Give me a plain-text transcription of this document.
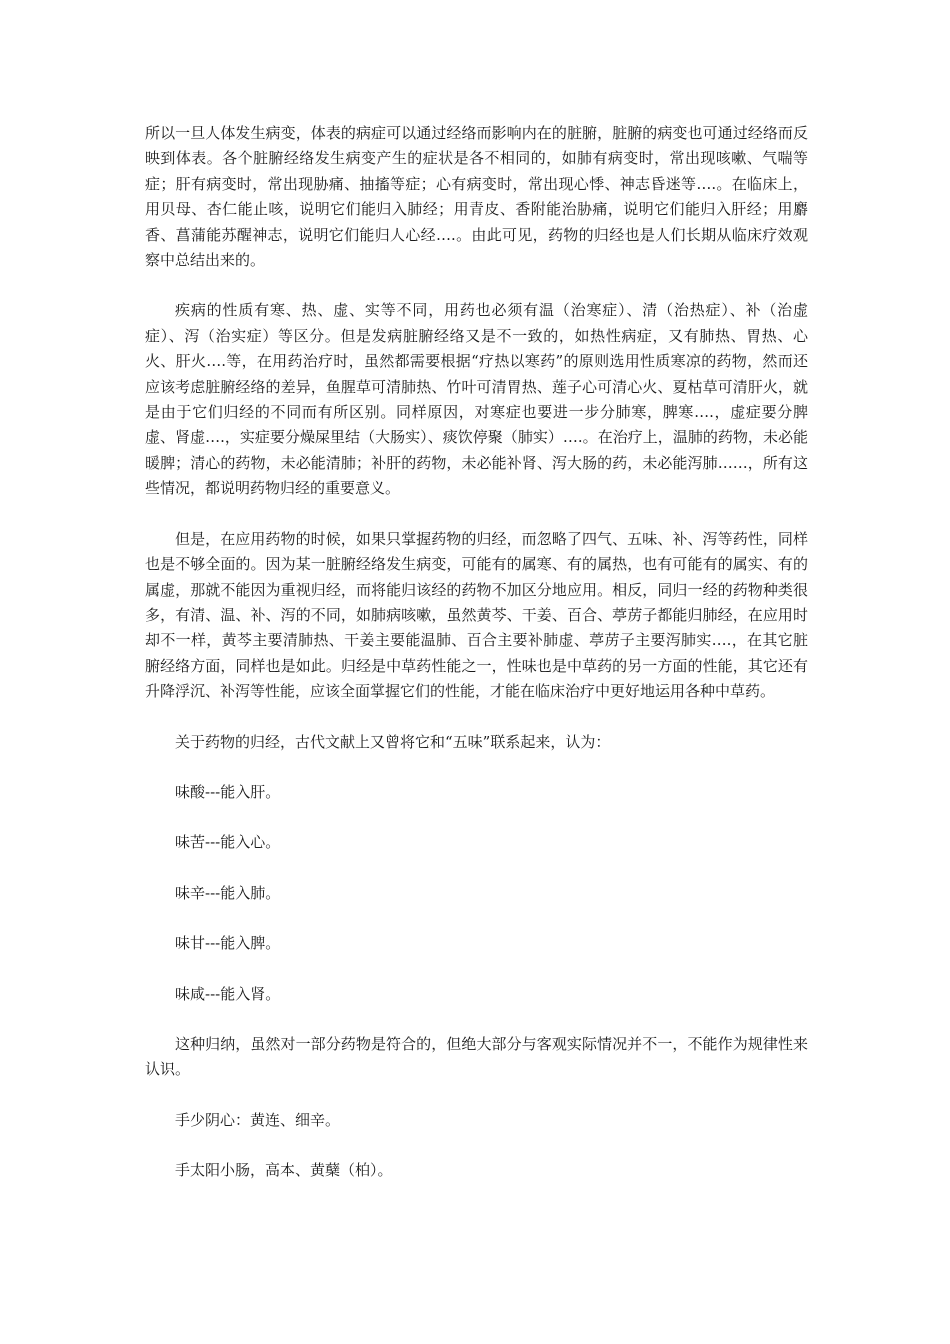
所以一旦人体发生病变，体表的病症可以通过经络而影响内在的脏腑，脏腑的病变也可通过经络而反映到体表。各个脏腑经络发生病变产生的症状是各不相同的，如肺有病变时，常出现咳嗽、气喘等症；肝有病变时，常出现胁痛、抽搐等症；心有病变时，常出现心悸、神志昏迷等….。在临床上，用贝母、杏仁能止咳，说明它们能归入肺经；用青皮、香附能治胁痛，说明它们能归入肝经；用麝香、菖蒲能苏醒神志，说明它们能归人心经….。由此可见，药物的归经也是人们长期从临床疗效观察中总结出来的。

疾病的性质有寒、热、虚、实等不同，用药也必须有温（治寒症）、清（治热症）、补（治虚症）、泻（治实症）等区分。但是发病脏腑经络又是不一致的，如热性病症，又有肺热、胃热、心火、肝火….等，在用药治疗时，虽然都需要根据“疗热以寒药”的原则选用性质寒凉的药物，然而还应该考虑脏腑经络的差异，鱼腥草可清肺热、竹叶可清胃热、莲子心可清心火、夏枯草可清肝火，就是由于它们归经的不同而有所区别。同样原因，对寒症也要进一步分肺寒，脾寒….，虚症要分脾虚、肾虚….，实症要分燥屎里结（大肠实）、痰饮停聚（肺实）….。在治疗上，温肺的药物，未必能暖脾；清心的药物，未必能清肺；补肝的药物，未必能补肾、泻大肠的药，未必能泻肺……，所有这些情况，都说明药物归经的重要意义。

但是，在应用药物的时候，如果只掌握药物的归经，而忽略了四气、五味、补、泻等药性，同样也是不够全面的。因为某一脏腑经络发生病变，可能有的属寒、有的属热，也有可能有的属实、有的属虚，那就不能因为重视归经，而将能归该经的药物不加区分地应用。相反，同归一经的药物种类很多，有清、温、补、泻的不同，如肺病咳嗽，虽然黄芩、干姜、百合、葶苈子都能归肺经，在应用时却不一样，黄芩主要清肺热、干姜主要能温肺、百合主要补肺虚、葶苈子主要泻肺实….，在其它脏腑经络方面，同样也是如此。归经是中草药性能之一，性味也是中草药的另一方面的性能，其它还有升降浮沉、补泻等性能，应该全面掌握它们的性能，才能在临床治疗中更好地运用各种中草药。

关于药物的归经，古代文献上又曾将它和“五味”联系起来，认为：

味酸---能入肝。

味苦---能入心。

味辛---能入肺。

味甘---能入脾。

味咸---能入肾。

这种归纳，虽然对一部分药物是符合的，但绝大部分与客观实际情况并不一，不能作为规律性来认识。

手少阴心：黄连、细辛。

手太阳小肠，高本、黄蘖（柏）。
